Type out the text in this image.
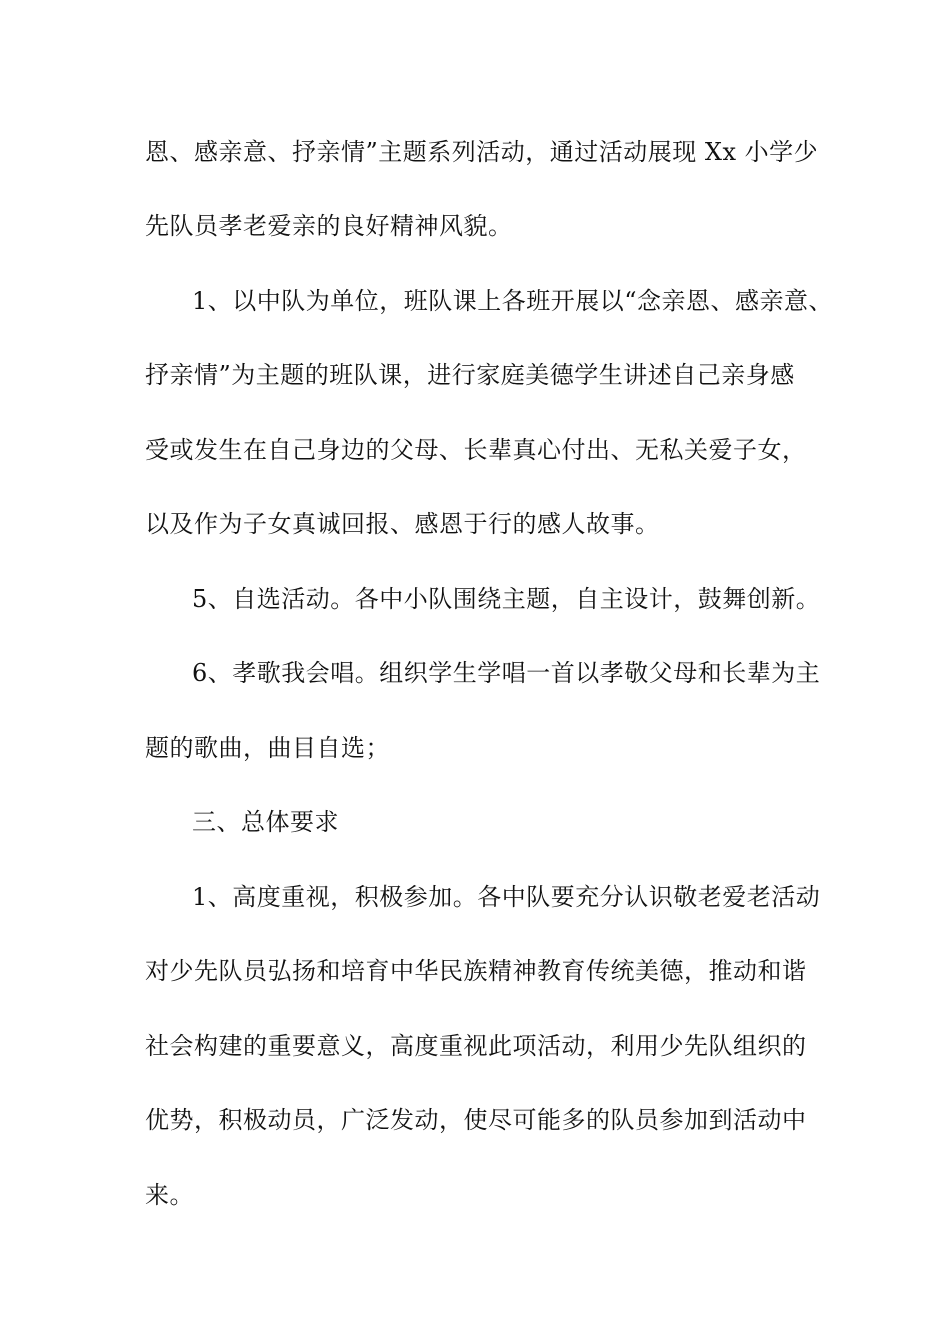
恩、感亲意、抒亲情”主题系列活动，通过活动展现 Xx 小学少
先队员孝老爱亲的良好精神风貌。
1、以中队为单位，班队课上各班开展以“念亲恩、感亲意、
抒亲情”为主题的班队课，进行家庭美德学生讲述自己亲身感
受或发生在自己身边的父母、长辈真心付出、无私关爱子女，
以及作为子女真诚回报、感恩于行的感人故事。
5、自选活动。各中小队围绕主题，自主设计，鼓舞创新。
6、孝歌我会唱。组织学生学唱一首以孝敬父母和长辈为主
题的歌曲，曲目自选；
三、总体要求
1、高度重视，积极参加。各中队要充分认识敬老爱老活动
对少先队员弘扬和培育中华民族精神教育传统美德，推动和谐
社会构建的重要意义，高度重视此项活动，利用少先队组织的
优势，积极动员，广泛发动，使尽可能多的队员参加到活动中
来。
